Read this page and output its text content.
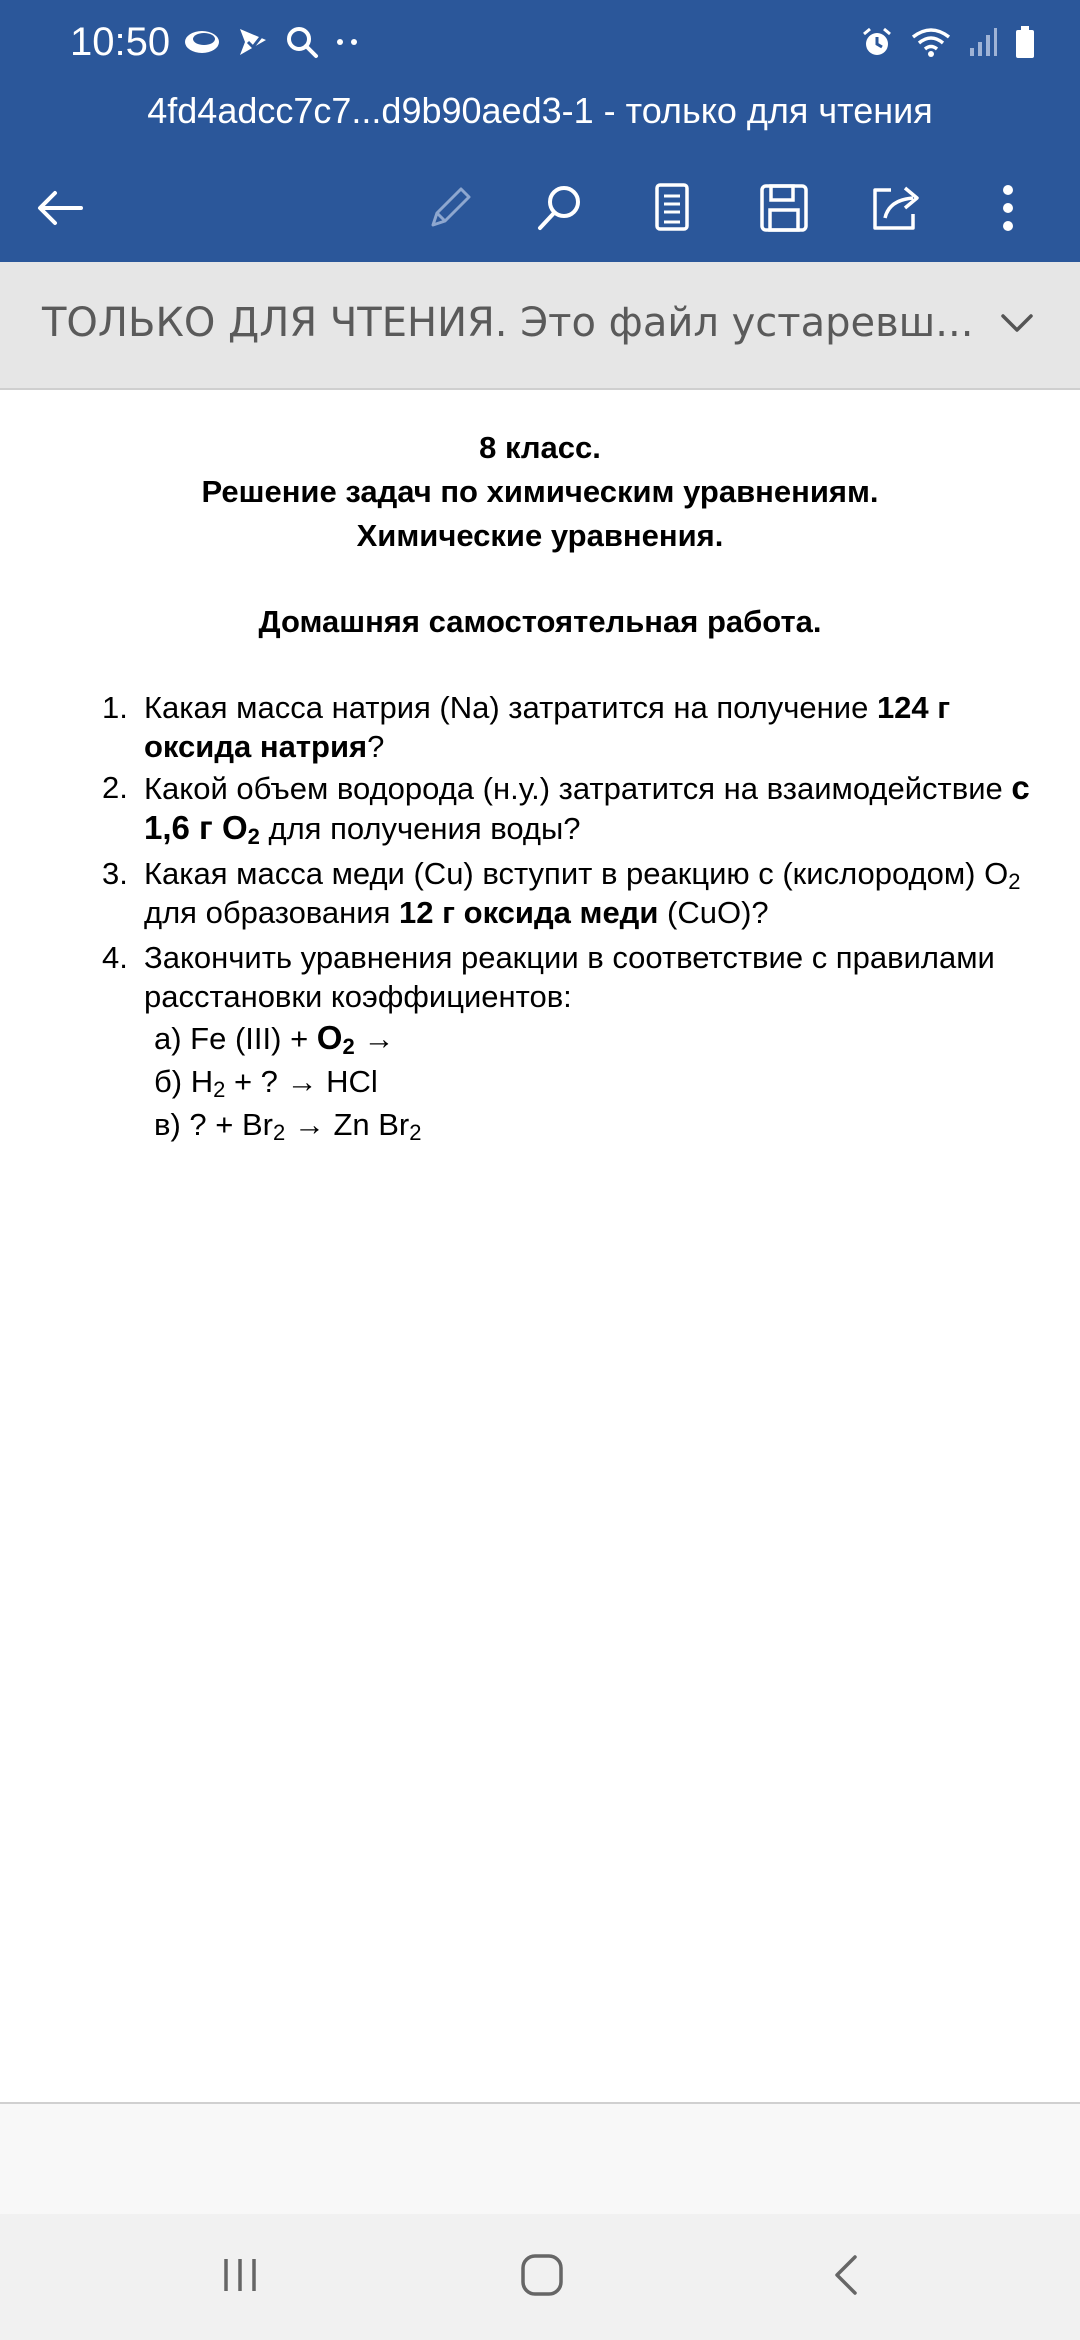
10:50
4fd4adcc7c7...d9b90aed3-1 - только для чтения
ТОЛЬКО ДЛЯ ЧТЕНИЯ. Это файл устаревш...
8 класс.
Решение задач по химическим уравнениям.
Химические уравнения.
Домашняя самостоятельная работа.
1. Какая масса натрия (Na) затратится на получение 124 г оксида натрия?
2. Какой объем водорода (н.у.) затратится на взаимодействие с 1,6 г $O_2$ для получения воды?
3. Какая масса меди (Cu) вступит в реакцию с (кислородом) $O_2$ для образования 12 г оксида меди (CuO)?
4. Закончить уравнения реакции в соответствие с правилами расстановки коэффициентов:
а) Fe $(III) + O_2$ →
б) $H_2$ + ? → HCl
в) ? + $Br_2 \to Zn$ $Br_2$
